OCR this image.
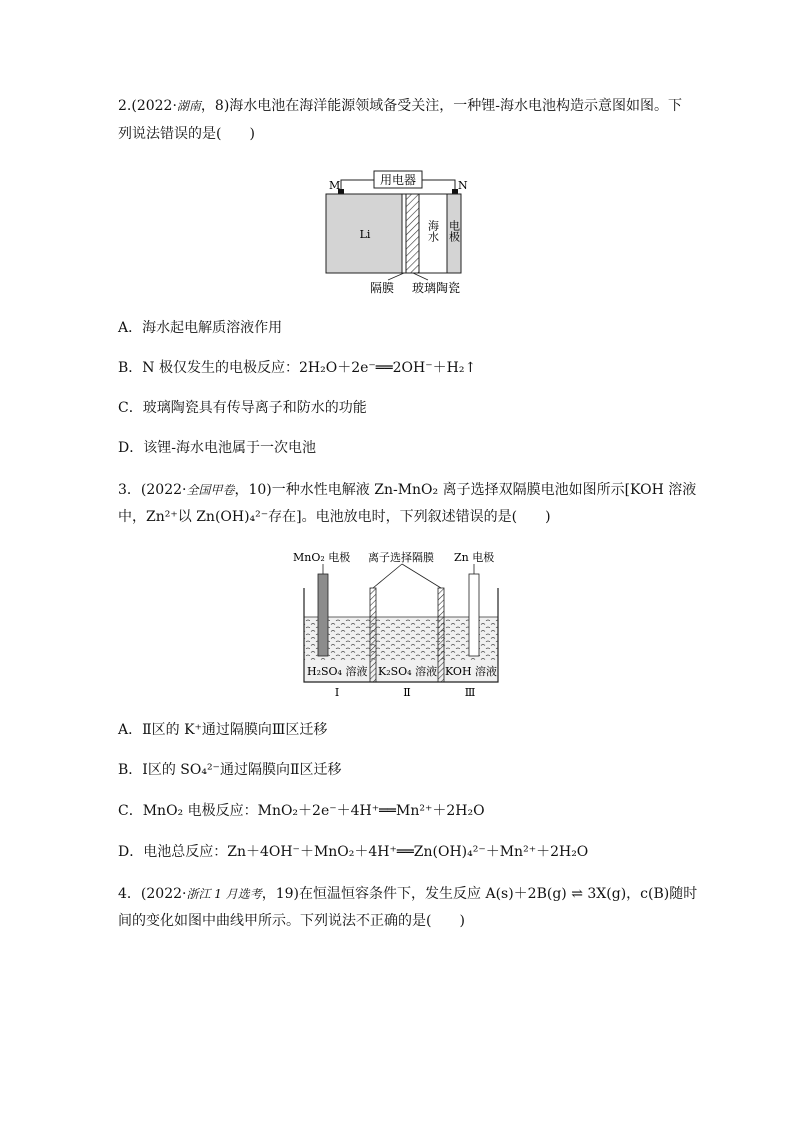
2.(2022·湖南，8)海水电池在海洋能源领域备受关注，一种锂-海水电池构造示意图如图。下
列说法错误的是(　　)
用电器
M	N
Li	海水 电极
隔膜 玻璃陶瓷
A．海水起电解质溶液作用
B．N 极仅发生的电极反应：2H₂O＋2e⁻══2OH⁻＋H₂↑
C．玻璃陶瓷具有传导离子和防水的功能
D．该锂-海水电池属于一次电池
3．(2022·全国甲卷，10)一种水性电解液 Zn-MnO₂ 离子选择双隔膜电池如图所示[KOH 溶液
中，Zn²⁺以 Zn(OH)₄²⁻存在]。电池放电时，下列叙述错误的是(　　)
MnO₂ 电极 离子选择隔膜 Zn 电极
H₂SO₄ 溶液 K₂SO₄ 溶液 KOH 溶液
Ⅰ	Ⅱ	Ⅲ
A．Ⅱ区的 K⁺通过隔膜向Ⅲ区迁移
B．Ⅰ区的 SO₄²⁻通过隔膜向Ⅱ区迁移
C．MnO₂ 电极反应：MnO₂＋2e⁻＋4H⁺══Mn²⁺＋2H₂O
D．电池总反应：Zn＋4OH⁻＋MnO₂＋4H⁺══Zn(OH)₄²⁻＋Mn²⁺＋2H₂O
4．(2022·浙江 1 月选考，19)在恒温恒容条件下，发生反应 A(s)＋2B(g) ⇌ 3X(g)，c(B)随时
间的变化如图中曲线甲所示。下列说法不正确的是(　　)
